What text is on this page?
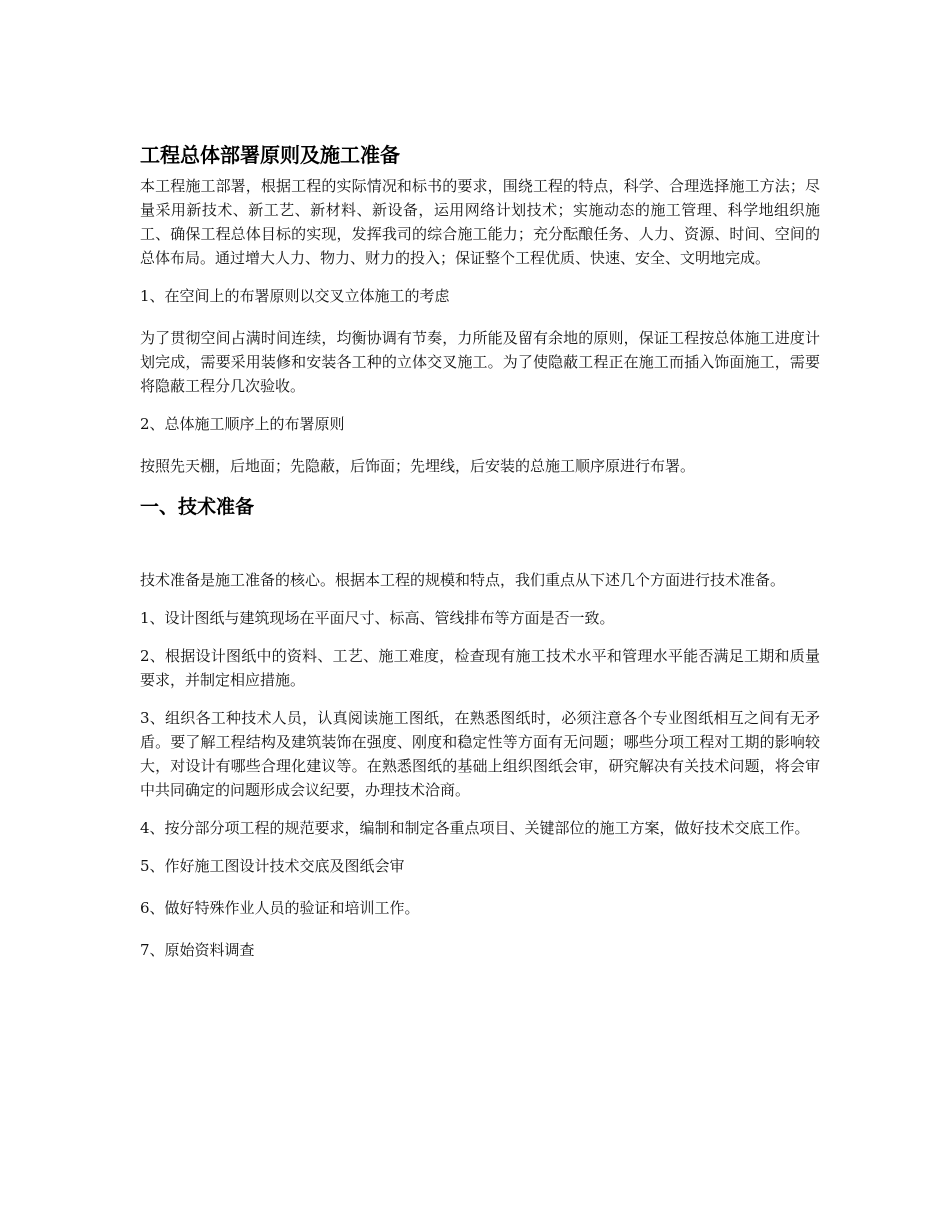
工程总体部署原则及施工准备

本工程施工部署，根据工程的实际情况和标书的要求，围绕工程的特点，科学、合理选择施工方法；尽量采用新技术、新工艺、新材料、新设备，运用网络计划技术；实施动态的施工管理、科学地组织施工、确保工程总体目标的实现，发挥我司的综合施工能力；充分酝酿任务、人力、资源、时间、空间的总体布局。通过增大人力、物力、财力的投入；保证整个工程优质、快速、安全、文明地完成。

1、在空间上的布署原则以交叉立体施工的考虑

为了贯彻空间占满时间连续，均衡协调有节奏，力所能及留有余地的原则，保证工程按总体施工进度计划完成，需要采用装修和安装各工种的立体交叉施工。为了使隐蔽工程正在施工而插入饰面施工，需要将隐蔽工程分几次验收。

2、总体施工顺序上的布署原则

按照先天棚，后地面；先隐蔽，后饰面；先埋线，后安装的总施工顺序原进行布署。

一、技术准备

技术准备是施工准备的核心。根据本工程的规模和特点，我们重点从下述几个方面进行技术准备。

1、设计图纸与建筑现场在平面尺寸、标高、管线排布等方面是否一致。

2、根据设计图纸中的资料、工艺、施工难度，检查现有施工技术水平和管理水平能否满足工期和质量要求，并制定相应措施。

3、组织各工种技术人员，认真阅读施工图纸，在熟悉图纸时，必须注意各个专业图纸相互之间有无矛盾。要了解工程结构及建筑装饰在强度、刚度和稳定性等方面有无问题；哪些分项工程对工期的影响较大，对设计有哪些合理化建议等。在熟悉图纸的基础上组织图纸会审，研究解决有关技术问题，将会审中共同确定的问题形成会议纪要，办理技术洽商。

4、按分部分项工程的规范要求，编制和制定各重点项目、关键部位的施工方案，做好技术交底工作。

5、作好施工图设计技术交底及图纸会审

6、做好特殊作业人员的验证和培训工作。

7、原始资料调查
